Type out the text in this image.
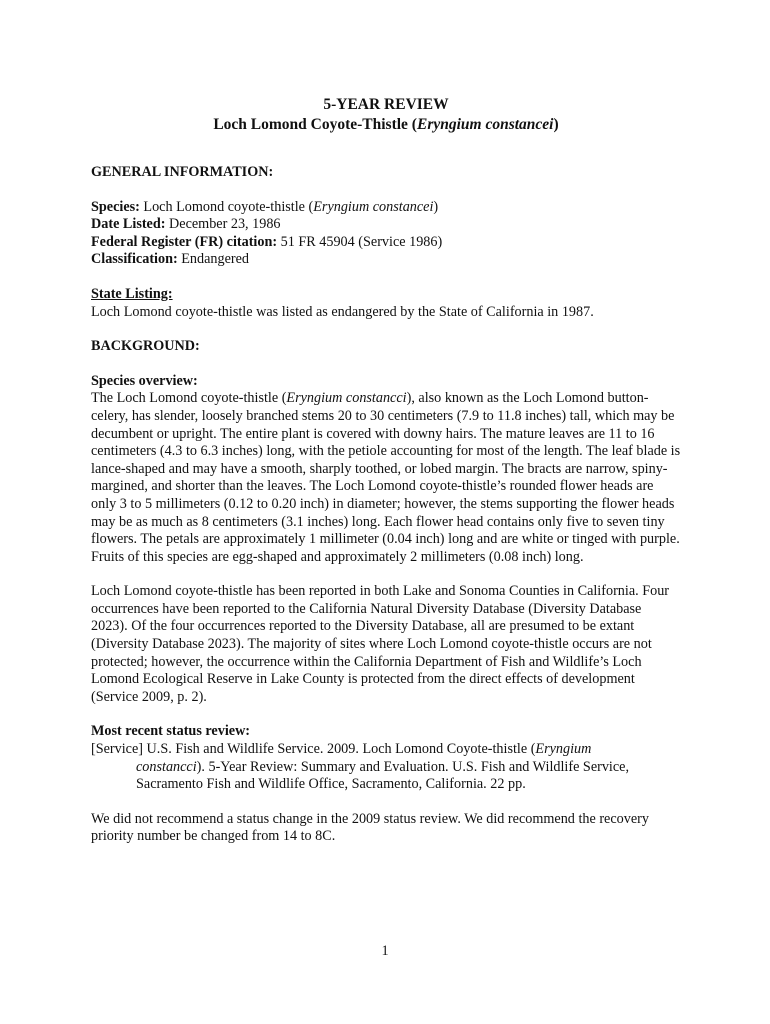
5-YEAR REVIEW
Loch Lomond Coyote-Thistle (Eryngium constancei)
GENERAL INFORMATION:

Species: Loch Lomond coyote-thistle (Eryngium constancei)

Date Listed: December 23, 1986

Federal Register (FR) citation: 51 FR 45904 (Service 1986)

Classification: Endangered

State Listing:

Loch Lomond coyote-thistle was listed as endangered by the State of California in 1987.

BACKGROUND:

Species overview:

The Loch Lomond coyote-thistle (Eryngium constancci), also known as the Loch Lomond button-celery, has slender, loosely branched stems 20 to 30 centimeters (7.9 to 11.8 inches) tall, which may be decumbent or upright. The entire plant is covered with downy hairs. The mature leaves are 11 to 16 centimeters (4.3 to 6.3 inches) long, with the petiole accounting for most of the length. The leaf blade is lance-shaped and may have a smooth, sharply toothed, or lobed margin. The bracts are narrow, spiny-margined, and shorter than the leaves. The Loch Lomond coyote-thistle’s rounded flower heads are only 3 to 5 millimeters (0.12 to 0.20 inch) in diameter; however, the stems supporting the flower heads may be as much as 8 centimeters (3.1 inches) long. Each flower head contains only five to seven tiny flowers. The petals are approximately 1 millimeter (0.04 inch) long and are white or tinged with purple. Fruits of this species are egg-shaped and approximately 2 millimeters (0.08 inch) long.

Loch Lomond coyote-thistle has been reported in both Lake and Sonoma Counties in California. Four occurrences have been reported to the California Natural Diversity Database (Diversity Database 2023). Of the four occurrences reported to the Diversity Database, all are presumed to be extant (Diversity Database 2023). The majority of sites where Loch Lomond coyote-thistle occurs are not protected; however, the occurrence within the California Department of Fish and Wildlife’s Loch Lomond Ecological Reserve in Lake County is protected from the direct effects of development (Service 2009, p. 2).

Most recent status review:

[Service] U.S. Fish and Wildlife Service. 2009. Loch Lomond Coyote-thistle (Eryngium

constancci). 5-Year Review: Summary and Evaluation. U.S. Fish and Wildlife Service,

Sacramento Fish and Wildlife Office, Sacramento, California. 22 pp.

We did not recommend a status change in the 2009 status review. We did recommend the recovery priority number be changed from 14 to 8C.

1
